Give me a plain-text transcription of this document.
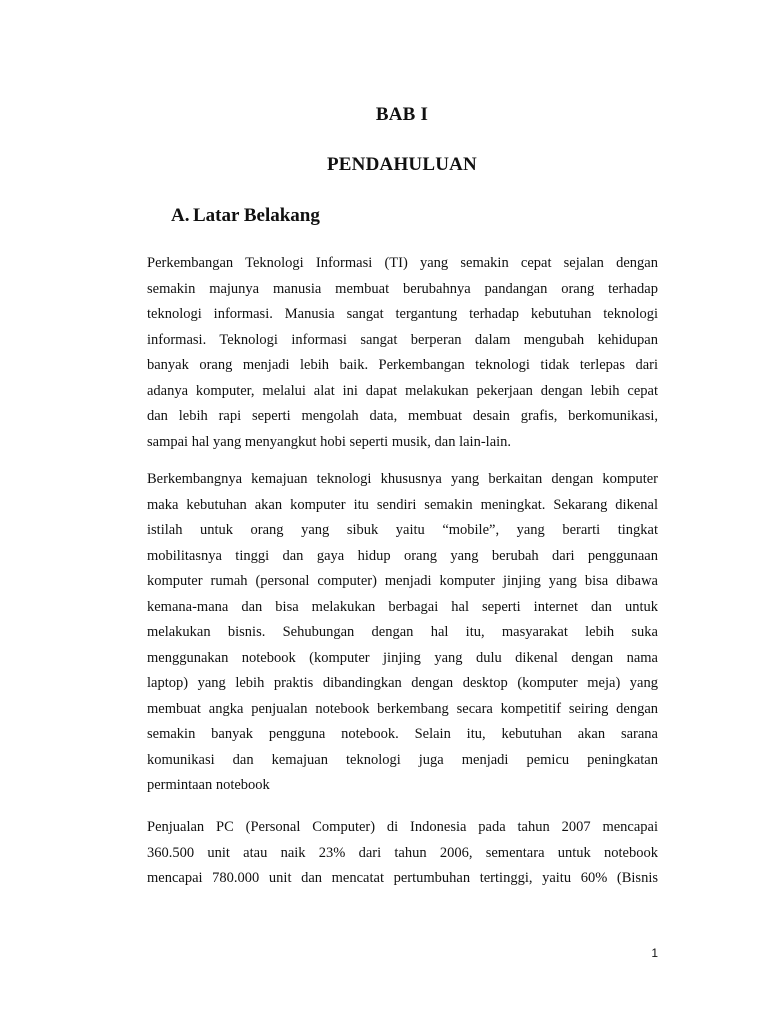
BAB I
PENDAHULUAN
A. Latar Belakang

Perkembangan Teknologi Informasi (TI) yang semakin cepat sejalan dengan
semakin majunya manusia membuat berubahnya pandangan orang terhadap
teknologi informasi. Manusia sangat tergantung terhadap kebutuhan teknologi
informasi. Teknologi informasi sangat berperan dalam mengubah kehidupan
banyak orang menjadi lebih baik. Perkembangan teknologi tidak terlepas dari
adanya komputer, melalui alat ini dapat melakukan pekerjaan dengan lebih cepat
dan lebih rapi seperti mengolah data, membuat desain grafis, berkomunikasi,
sampai hal yang menyangkut hobi seperti musik, dan lain-lain.

Berkembangnya kemajuan teknologi khususnya yang berkaitan dengan komputer
maka kebutuhan akan komputer itu sendiri semakin meningkat. Sekarang dikenal
istilah untuk orang yang sibuk yaitu “mobile”, yang berarti tingkat
mobilitasnya tinggi dan gaya hidup orang yang berubah dari penggunaan
komputer rumah (personal computer) menjadi komputer jinjing yang bisa dibawa
kemana-mana dan bisa melakukan berbagai hal seperti internet dan untuk
melakukan bisnis. Sehubungan dengan hal itu, masyarakat lebih suka
menggunakan notebook (komputer jinjing yang dulu dikenal dengan nama
laptop) yang lebih praktis dibandingkan dengan desktop (komputer meja) yang
membuat angka penjualan notebook berkembang secara kompetitif seiring dengan
semakin banyak pengguna notebook. Selain itu, kebutuhan akan sarana
komunikasi dan kemajuan teknologi juga menjadi pemicu peningkatan
permintaan notebook

Penjualan PC (Personal Computer) di Indonesia pada tahun 2007 mencapai
360.500 unit atau naik 23% dari tahun 2006, sementara untuk notebook
mencapai 780.000 unit dan mencatat pertumbuhan tertinggi, yaitu 60% (Bisnis

1
